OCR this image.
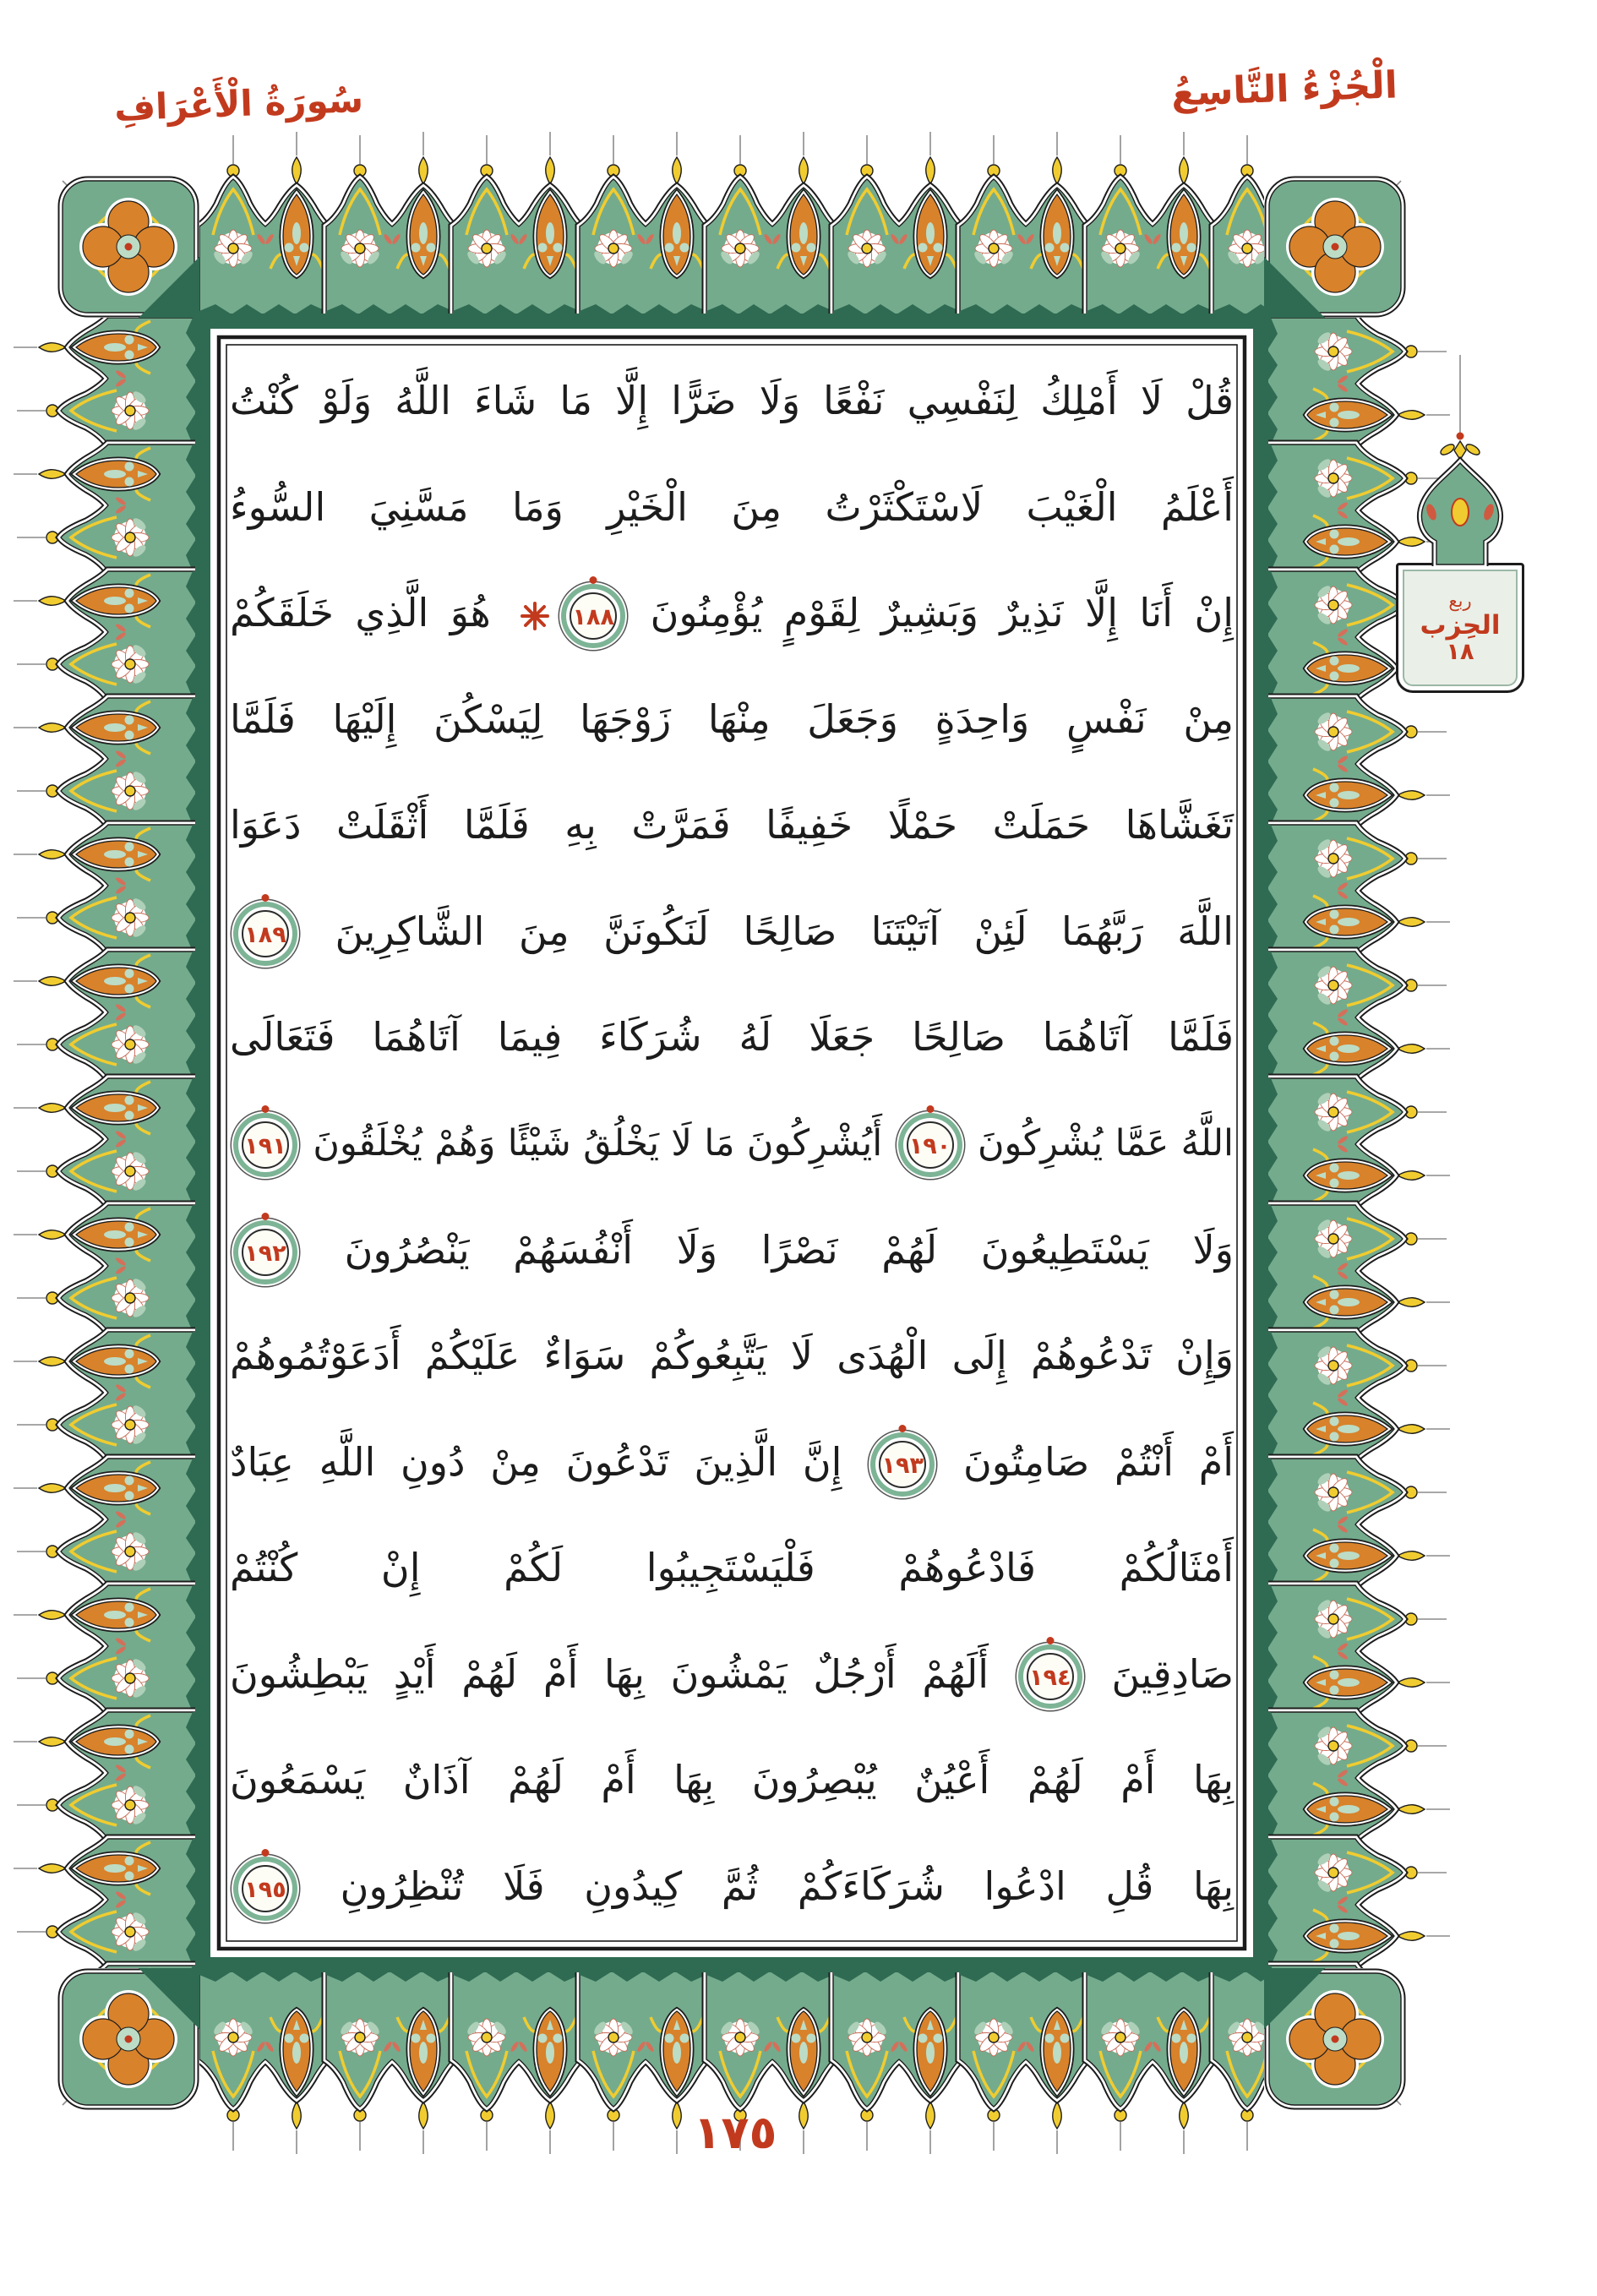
سُورَةُ الْأَعْرَافِ	الْجُزْءُ التَّاسِعُ
قُلْ لَا أَمْلِكُ لِنَفْسِي نَفْعًا وَلَا ضَرًّا إِلَّا مَا شَاءَ اللَّهُ وَلَوْ كُنْتُ
أَعْلَمُ الْغَيْبَ لَاسْتَكْثَرْتُ مِنَ الْخَيْرِ وَمَا مَسَّنِيَ السُّوءُ
إِنْ أَنَا إِلَّا نَذِيرٌ وَبَشِيرٌ لِقَوْمٍ يُؤْمِنُونَ
١٨٨
هُوَ الَّذِي خَلَقَكُمْ
مِنْ نَفْسٍ وَاحِدَةٍ وَجَعَلَ مِنْهَا زَوْجَهَا لِيَسْكُنَ إِلَيْهَا فَلَمَّا
تَغَشَّاهَا حَمَلَتْ حَمْلًا خَفِيفًا فَمَرَّتْ بِهِ فَلَمَّا أَثْقَلَتْ دَعَوَا
اللَّهَ رَبَّهُمَا لَئِنْ آتَيْتَنَا صَالِحًا لَنَكُونَنَّ مِنَ الشَّاكِرِينَ
١٨٩
فَلَمَّا آتَاهُمَا صَالِحًا جَعَلَا لَهُ شُرَكَاءَ فِيمَا آتَاهُمَا فَتَعَالَى
اللَّهُ عَمَّا يُشْرِكُونَ
١٩٠
أَيُشْرِكُونَ مَا لَا يَخْلُقُ شَيْئًا وَهُمْ يُخْلَقُونَ
١٩١
وَلَا يَسْتَطِيعُونَ لَهُمْ نَصْرًا وَلَا أَنْفُسَهُمْ يَنْصُرُونَ
١٩٢
وَإِنْ تَدْعُوهُمْ إِلَى الْهُدَى لَا يَتَّبِعُوكُمْ سَوَاءٌ عَلَيْكُمْ أَدَعَوْتُمُوهُمْ
أَمْ أَنْتُمْ صَامِتُونَ
١٩٣
إِنَّ الَّذِينَ تَدْعُونَ مِنْ دُونِ اللَّهِ عِبَادٌ
أَمْثَالُكُمْ فَادْعُوهُمْ فَلْيَسْتَجِيبُوا لَكُمْ إِنْ كُنْتُمْ
صَادِقِينَ
١٩٤
أَلَهُمْ أَرْجُلٌ يَمْشُونَ بِهَا أَمْ لَهُمْ أَيْدٍ يَبْطِشُونَ
بِهَا أَمْ لَهُمْ أَعْيُنٌ يُبْصِرُونَ بِهَا أَمْ لَهُمْ آذَانٌ يَسْمَعُونَ
بِهَا قُلِ ادْعُوا شُرَكَاءَكُمْ ثُمَّ كِيدُونِ فَلَا تُنْظِرُونِ
١٩٥
ربع
الحِزب
١٨
١٧٥
